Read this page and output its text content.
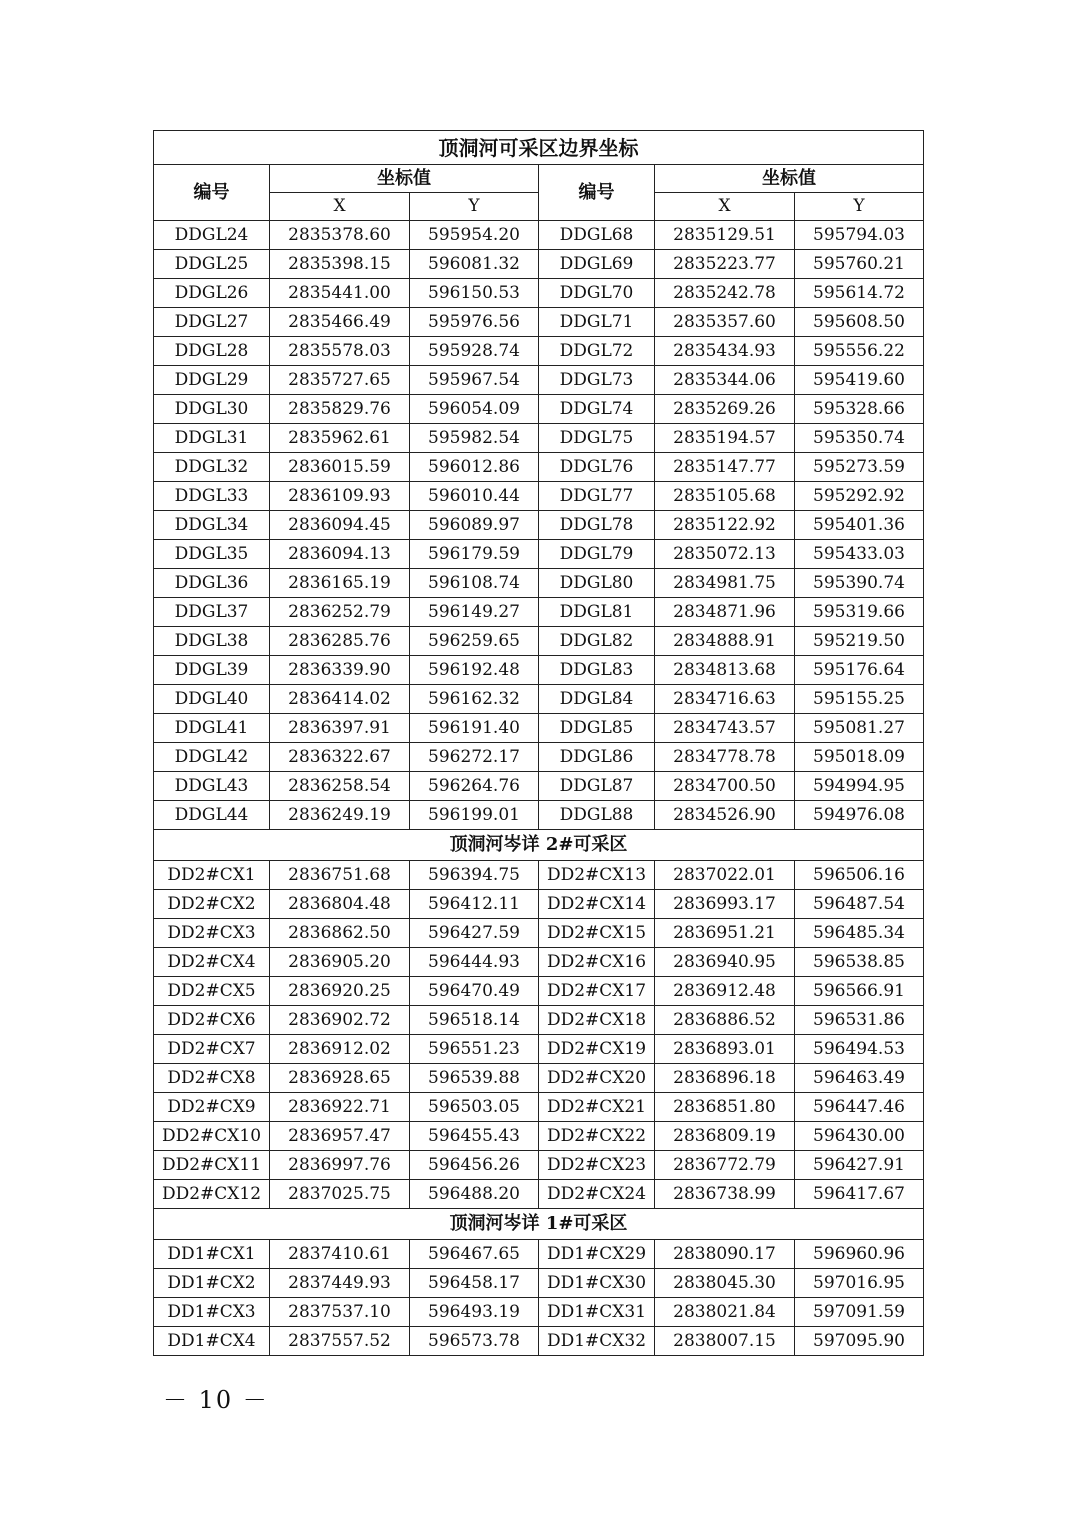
顶洞河可采区边界坐标					
编号	坐标值		编号	坐标值	
	X	Y		X	Y
DDGL24	2835378.60	595954.20	DDGL68	2835129.51	595794.03
DDGL25	2835398.15	596081.32	DDGL69	2835223.77	595760.21
DDGL26	2835441.00	596150.53	DDGL70	2835242.78	595614.72
DDGL27	2835466.49	595976.56	DDGL71	2835357.60	595608.50
DDGL28	2835578.03	595928.74	DDGL72	2835434.93	595556.22
DDGL29	2835727.65	595967.54	DDGL73	2835344.06	595419.60
DDGL30	2835829.76	596054.09	DDGL74	2835269.26	595328.66
DDGL31	2835962.61	595982.54	DDGL75	2835194.57	595350.74
DDGL32	2836015.59	596012.86	DDGL76	2835147.77	595273.59
DDGL33	2836109.93	596010.44	DDGL77	2835105.68	595292.92
DDGL34	2836094.45	596089.97	DDGL78	2835122.92	595401.36
DDGL35	2836094.13	596179.59	DDGL79	2835072.13	595433.03
DDGL36	2836165.19	596108.74	DDGL80	2834981.75	595390.74
DDGL37	2836252.79	596149.27	DDGL81	2834871.96	595319.66
DDGL38	2836285.76	596259.65	DDGL82	2834888.91	595219.50
DDGL39	2836339.90	596192.48	DDGL83	2834813.68	595176.64
DDGL40	2836414.02	596162.32	DDGL84	2834716.63	595155.25
DDGL41	2836397.91	596191.40	DDGL85	2834743.57	595081.27
DDGL42	2836322.67	596272.17	DDGL86	2834778.78	595018.09
DDGL43	2836258.54	596264.76	DDGL87	2834700.50	594994.95
DDGL44	2836249.19	596199.01	DDGL88	2834526.90	594976.08
顶洞河岑详 2#可采区					
DD2#CX1	2836751.68	596394.75	DD2#CX13	2837022.01	596506.16
DD2#CX2	2836804.48	596412.11	DD2#CX14	2836993.17	596487.54
DD2#CX3	2836862.50	596427.59	DD2#CX15	2836951.21	596485.34
DD2#CX4	2836905.20	596444.93	DD2#CX16	2836940.95	596538.85
DD2#CX5	2836920.25	596470.49	DD2#CX17	2836912.48	596566.91
DD2#CX6	2836902.72	596518.14	DD2#CX18	2836886.52	596531.86
DD2#CX7	2836912.02	596551.23	DD2#CX19	2836893.01	596494.53
DD2#CX8	2836928.65	596539.88	DD2#CX20	2836896.18	596463.49
DD2#CX9	2836922.71	596503.05	DD2#CX21	2836851.80	596447.46
DD2#CX10	2836957.47	596455.43	DD2#CX22	2836809.19	596430.00
DD2#CX11	2836997.76	596456.26	DD2#CX23	2836772.79	596427.91
DD2#CX12	2837025.75	596488.20	DD2#CX24	2836738.99	596417.67
顶洞河岑详 1#可采区					
DD1#CX1	2837410.61	596467.65	DD1#CX29	2838090.17	596960.96
DD1#CX2	2837449.93	596458.17	DD1#CX30	2838045.30	597016.95
DD1#CX3	2837537.10	596493.19	DD1#CX31	2838021.84	597091.59
DD1#CX4	2837557.52	596573.78	DD1#CX32	2838007.15	597095.90
－ 10 －
